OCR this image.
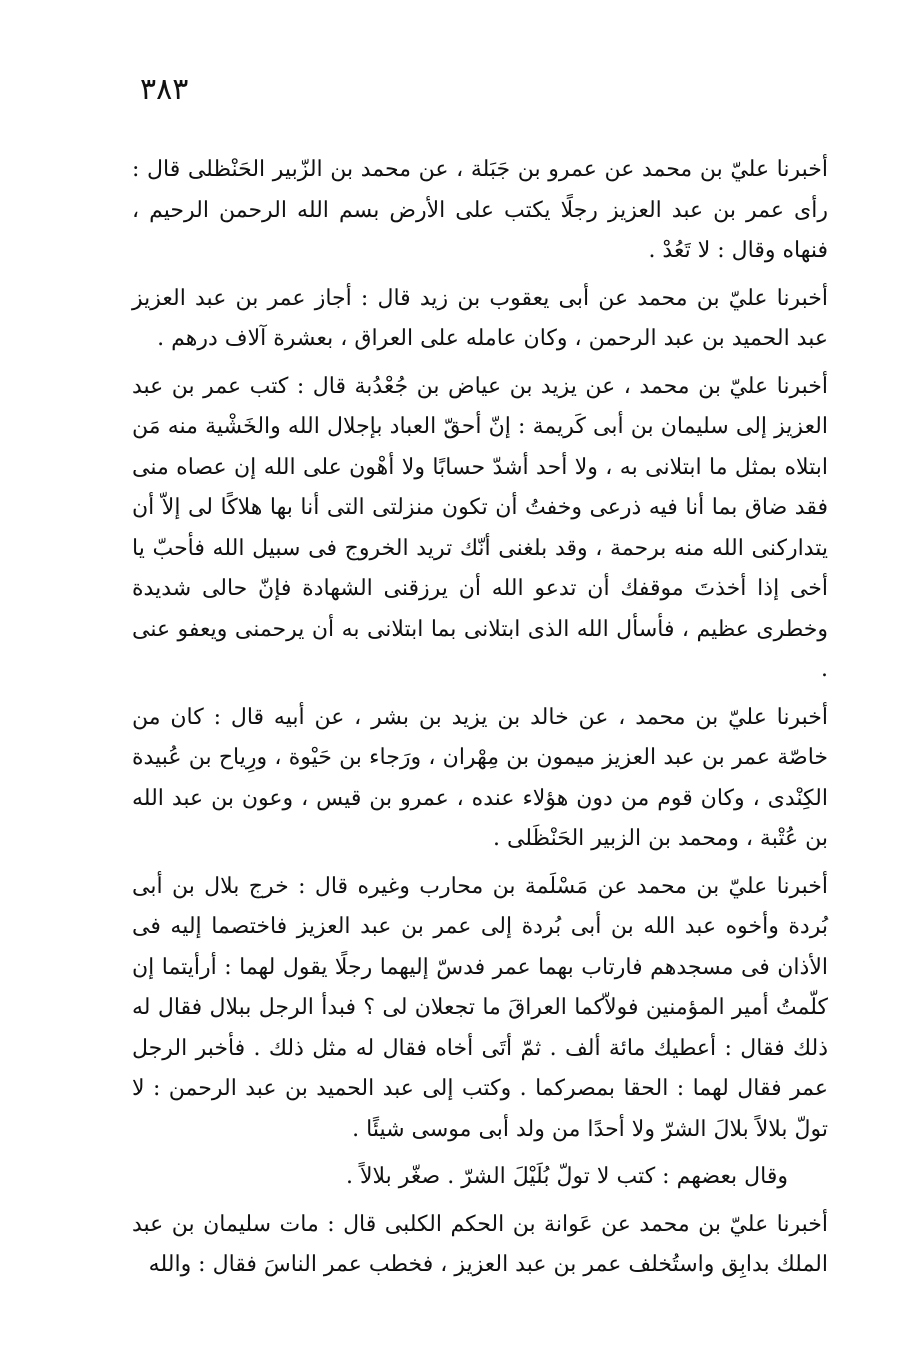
٣٨٣

أخبرنا عليّ بن محمد عن عمرو بن جَبَلة ، عن محمد بن الزّبير الحَنْظلى قال : رأى عمر بن عبد العزيز رجلًا يكتب على الأرض بسم الله الرحمن الرحيم ، فنهاه وقال : لا تَعُدْ .

أخبرنا عليّ بن محمد عن أبى يعقوب بن زيد قال : أجاز عمر بن عبد العزيز عبد الحميد بن عبد الرحمن ، وكان عامله على العراق ، بعشرة آلاف درهم .

أخبرنا عليّ بن محمد ، عن يزيد بن عياض بن جُعْدُبة قال : كتب عمر بن عبد العزيز إلى سليمان بن أبى كَريمة : إنّ أحقّ العباد بإجلال الله والخَشْية منه مَن ابتلاه بمثل ما ابتلانى به ، ولا أحد أشدّ حسابًا ولا أهْون على الله إن عصاه منى فقد ضاق بما أنا فيه ذرعى وخفتُ أن تكون منزلتى التى أنا بها هلاكًا لى إلاّ أن يتداركنى الله منه برحمة ، وقد بلغنى أنّك تريد الخروج فى سبيل الله فأحبّ يا أخى إذا أخذتَ موقفك أن تدعو الله أن يرزقنى الشهادة فإنّ حالى شديدة وخطرى عظيم ، فأسأل الله الذى ابتلانى بما ابتلانى به أن يرحمنى ويعفو عنى .

أخبرنا عليّ بن محمد ، عن خالد بن يزيد بن بشر ، عن أبيه قال : كان من خاصّة عمر بن عبد العزيز ميمون بن مِهْران ، ورَجاء بن حَيْوة ، ورِياح بن عُبيدة الكِنْدى ، وكان قوم من دون هؤلاء عنده ، عمرو بن قيس ، وعون بن عبد الله بن عُتْبة ، ومحمد بن الزبير الحَنْظَلى .

أخبرنا عليّ بن محمد عن مَسْلَمة بن محارب وغيره قال : خرج بلال بن أبى بُردة وأخوه عبد الله بن أبى بُردة إلى عمر بن عبد العزيز فاختصما إليه فى الأذان فى مسجدهم فارتاب بهما عمر فدسّ إليهما رجلًا يقول لهما : أرأيتما إن كلّمتُ أمير المؤمنين فولاّكما العراقَ ما تجعلان لى ؟ فبدأ الرجل ببلال فقال له ذلك فقال : أعطيك مائة ألف . ثمّ أتَى أخاه فقال له مثل ذلك . فأخبر الرجل عمر فقال لهما : الحقا بمصركما . وكتب إلى عبد الحميد بن عبد الرحمن : لا تولّ بلالاً بلالَ الشرّ ولا أحدًا من ولد أبى موسى شيئًا .

وقال بعضهم : كتب لا تولّ بُلَيْلَ الشرّ . صغّر بلالاً .

أخبرنا عليّ بن محمد عن عَوانة بن الحكم الكلبى قال : مات سليمان بن عبد الملك بدابِق واستُخلف عمر بن عبد العزيز ، فخطب عمر الناسَ فقال : والله
